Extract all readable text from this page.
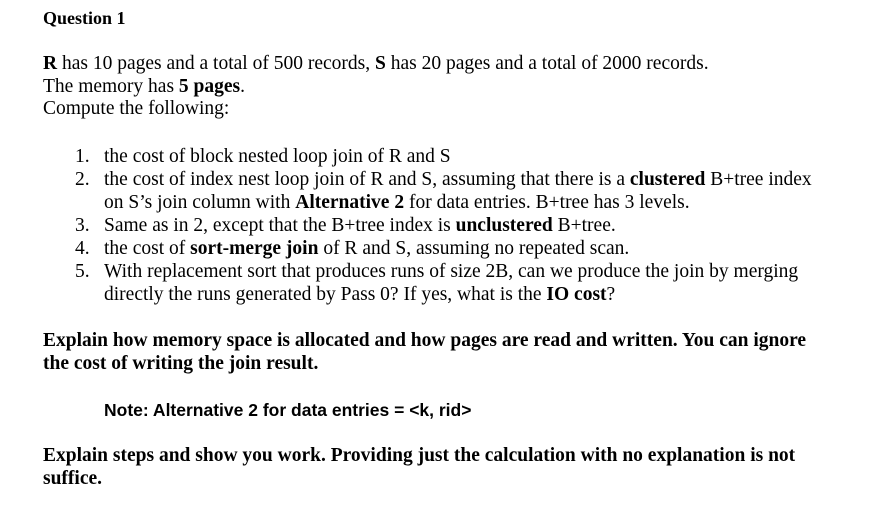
Question 1
R has 10 pages and a total of 500 records, S has 20 pages and a total of 2000 records.
The memory has 5 pages.
Compute the following:
1. the cost of block nested loop join of R and S
2. the cost of index nest loop join of R and S, assuming that there is a clustered B+tree index
on S’s join column with Alternative 2 for data entries. B+tree has 3 levels.
3. Same as in 2, except that the B+tree index is unclustered B+tree.
4. the cost of sort-merge join of R and S, assuming no repeated scan.
5. With replacement sort that produces runs of size 2B, can we produce the join by merging
directly the runs generated by Pass 0? If yes, what is the IO cost?
Explain how memory space is allocated and how pages are read and written. You can ignore
the cost of writing the join result.
Note: Alternative 2 for data entries = <k, rid>
Explain steps and show you work. Providing just the calculation with no explanation is not
suffice.
